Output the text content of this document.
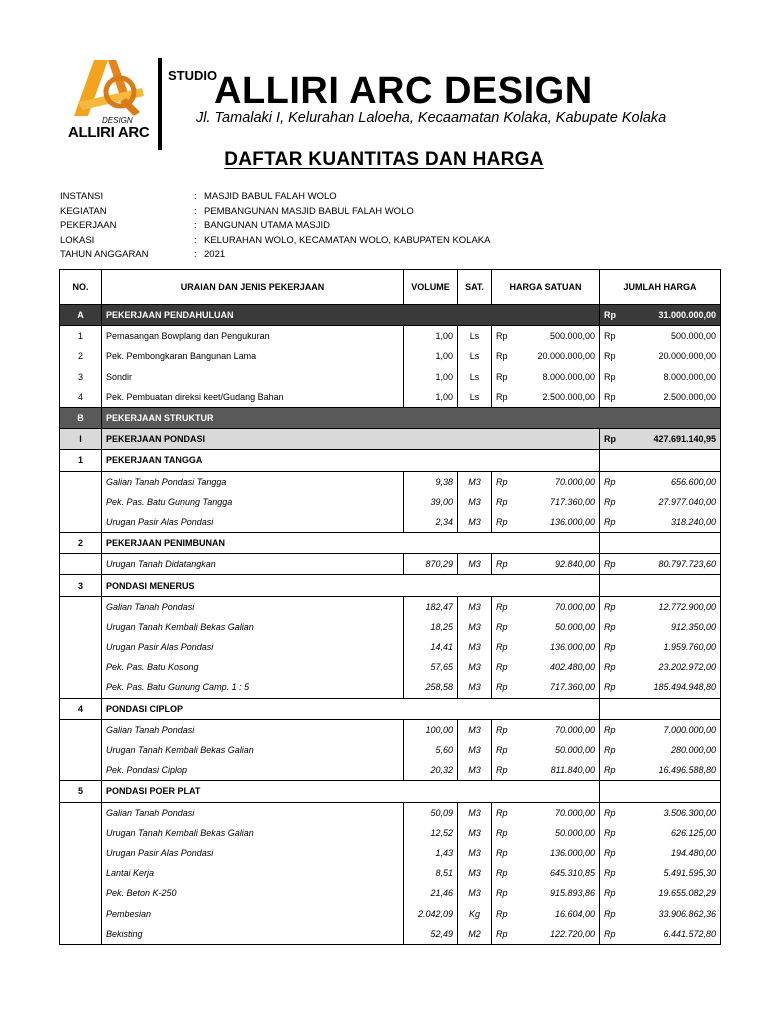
DESIGN
ALLIRI ARC
STUDIO
ALLIRI ARC DESIGN
Jl. Tamalaki I, Kelurahan Laloeha, Kecaamatan Kolaka, Kabupate Kolaka
DAFTAR KUANTITAS DAN HARGA
INSTANSI	: MASJID BABUL FALAH WOLO
KEGIATAN	: PEMBANGUNAN MASJID BABUL FALAH WOLO
PEKERJAAN	: BANGUNAN UTAMA MASJID
LOKASI	: KELURAHAN WOLO, KECAMATAN WOLO, KABUPATEN KOLAKA
TAHUN ANGGARAN	: 2021
NO.	URAIAN DAN JENIS PEKERJAAN	VOLUME	SAT.	HARGA SATUAN		JUMLAH HARGA	
A	PEKERJAAN PENDAHULUAN					Rp	31.000.000,00
1	Pemasangan Bowplang dan Pengukuran	1,00	Ls	Rp	500.000,00	Rp	500.000,00
2	Pek. Pembongkaran Bangunan Lama	1,00	Ls	Rp	20.000.000,00	Rp	20.000.000,00
3	Sondir	1,00	Ls	Rp	8.000.000,00	Rp	8.000.000,00
4	Pek. Pembuatan direksi keet/Gudang Bahan	1,00	Ls	Rp	2.500.000,00	Rp	2.500.000,00
B	PEKERJAAN STRUKTUR						
I	PEKERJAAN PONDASI					Rp	427.691.140,95
1	PEKERJAAN TANGGA						
	Galian Tanah Pondasi Tangga	9,38	M3	Rp	70.000,00	Rp	656.600,00
	Pek. Pas. Batu Gunung Tangga	39,00	M3	Rp	717.360,00	Rp	27.977.040,00
	Urugan Pasir Alas Pondasi	2,34	M3	Rp	136.000,00	Rp	318.240,00
2	PEKERJAAN PENIMBUNAN						
	Urugan Tanah Didatangkan	870,29	M3	Rp	92.840,00	Rp	80.797.723,60
3	PONDASI MENERUS						
	Galian Tanah Pondasi	182,47	M3	Rp	70.000,00	Rp	12.772.900,00
	Urugan Tanah Kembali Bekas Galian	18,25	M3	Rp	50.000,00	Rp	912.350,00
	Urugan Pasir Alas Pondasi	14,41	M3	Rp	136.000,00	Rp	1.959.760,00
	Pek. Pas. Batu Kosong	57,65	M3	Rp	402.480,00	Rp	23.202.972,00
	Pek. Pas. Batu Gunung Camp. 1 : 5	258,58	M3	Rp	717.360,00	Rp	185.494.948,80
4	PONDASI CIPLOP						
	Galian Tanah Pondasi	100,00	M3	Rp	70.000,00	Rp	7.000.000,00
	Urugan Tanah Kembali Bekas Galian	5,60	M3	Rp	50.000,00	Rp	280.000,00
	Pek. Pondasi Ciplop	20,32	M3	Rp	811.840,00	Rp	16.496.588,80
5	PONDASI POER PLAT						
	Galian Tanah Pondasi	50,09	M3	Rp	70.000,00	Rp	3.506.300,00
	Urugan Tanah Kembali Bekas Galian	12,52	M3	Rp	50.000,00	Rp	626.125,00
	Urugan Pasir Alas Pondasi	1,43	M3	Rp	136.000,00	Rp	194.480,00
	Lantai Kerja	8,51	M3	Rp	645.310,85	Rp	5.491.595,30
	Pek. Beton K-250	21,46	M3	Rp	915.893,86	Rp	19.655.082,29
	Pembesian	2.042,09	Kg	Rp	16.604,00	Rp	33.906.862,36
	Bekisting	52,49	M2	Rp	122.720,00	Rp	6.441.572,80
